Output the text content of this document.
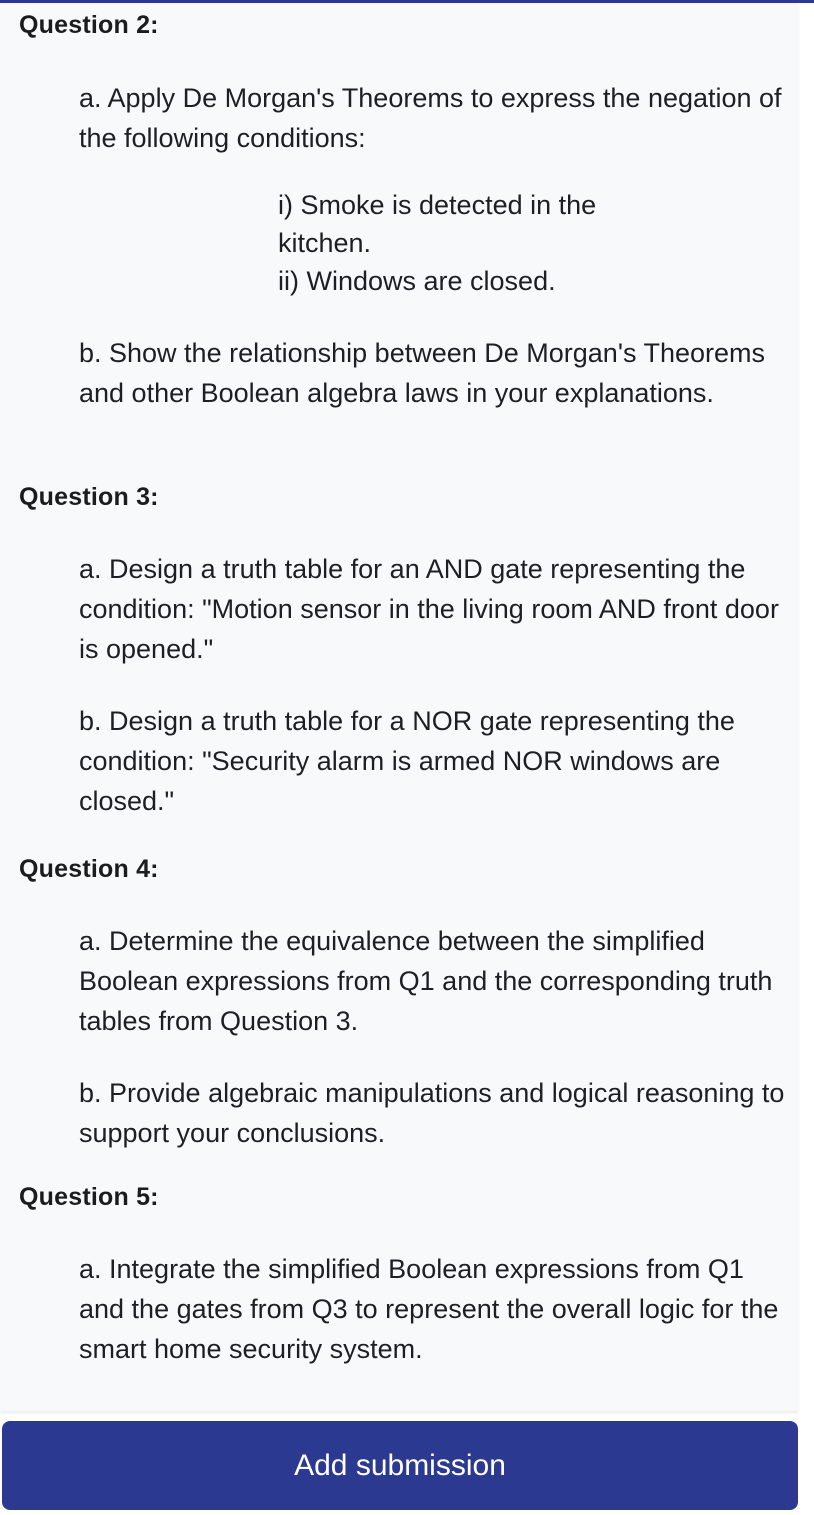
Question 2:
a. Apply De Morgan's Theorems to express the negation of the following conditions:
i) Smoke is detected in the kitchen.
ii) Windows are closed.
b. Show the relationship between De Morgan's Theorems and other Boolean algebra laws in your explanations.
Question 3:
a. Design a truth table for an AND gate representing the condition: "Motion sensor in the living room AND front door is opened."
b. Design a truth table for a NOR gate representing the condition: "Security alarm is armed NOR windows are closed."
Question 4:
a. Determine the equivalence between the simplified Boolean expressions from Q1 and the corresponding truth tables from Question 3.
b. Provide algebraic manipulations and logical reasoning to support your conclusions.
Question 5:
a. Integrate the simplified Boolean expressions from Q1 and the gates from Q3 to represent the overall logic for the smart home security system.
Add submission
